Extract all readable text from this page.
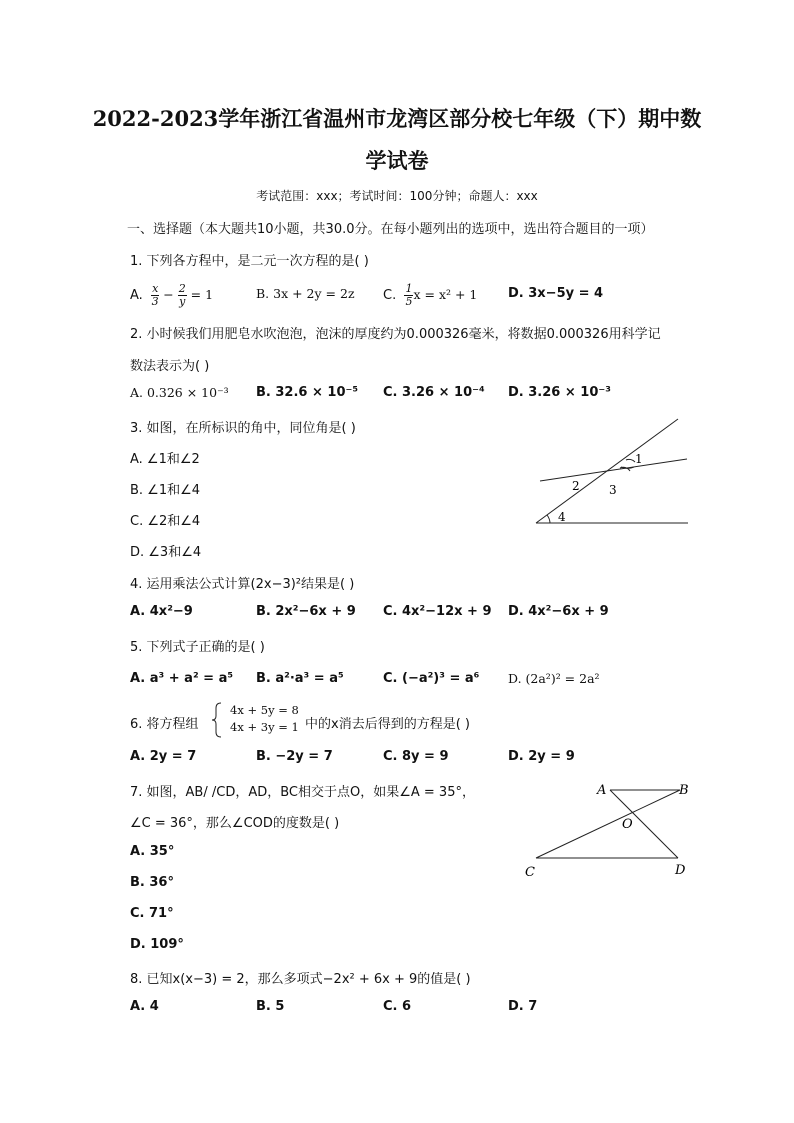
2022-2023学年浙江省温州市龙湾区部分校七年级（下）期中数
学试卷
考试范围：xxx；考试时间：100分钟；命题人：xxx
一、选择题（本大题共10小题，共30.0分。在每小题列出的选项中，选出符合题目的一项）
1. 下列各方程中，是二元一次方程的是( )
A. $\frac{x}{3} - \frac{2}{y} = 1$	B. 3x + 2y = 2z C. $\frac{1}{5}$ x = x² + 1 D. 3x−5y = 4
2. 小时候我们用肥皂水吹泡泡，泡沫的厚度约为0.000326毫米，将数据0.000326用科学记
数法表示为( )
A. 0.326 × 10⁻³ B. 32.6 × 10⁻⁵ C. 3.26 × 10⁻⁴ D. 3.26 × 10⁻³
3. 如图，在所标识的角中，同位角是( )
A. ∠1和∠2
B. ∠1和∠4
C. ∠2和∠4
D. ∠3和∠4
1
2 3
4
4. 运用乘法公式计算(2x−3)²结果是( )
A. 4x²−9	B. 2x²−6x + 9 C. 4x²−12x + 9 D. 4x²−6x + 9
5. 下列式子正确的是( )
A. a³ + a² = a⁵ B. a²·a³ = a⁵	C. (−a²)³ = a⁶ D. (2a²)² = 2a²
6. 将方程组
4x + 5y = 8
4x + 3y = 1 中的x消去后得到的方程是( )
A. 2y = 7	B. −2y = 7	C. 8y = 9	D. 2y = 9
7. 如图，AB/ /CD，AD，BC相交于点O，如果∠A = 35°，
∠C = 36°，那么∠COD的度数是( )
A. 35°
B. 36°
C. 71°
D. 109°
A	B
O
C	D
8. 已知x(x−3) = 2，那么多项式−2x² + 6x + 9的值是( )
A. 4	B. 5	C. 6	D. 7
